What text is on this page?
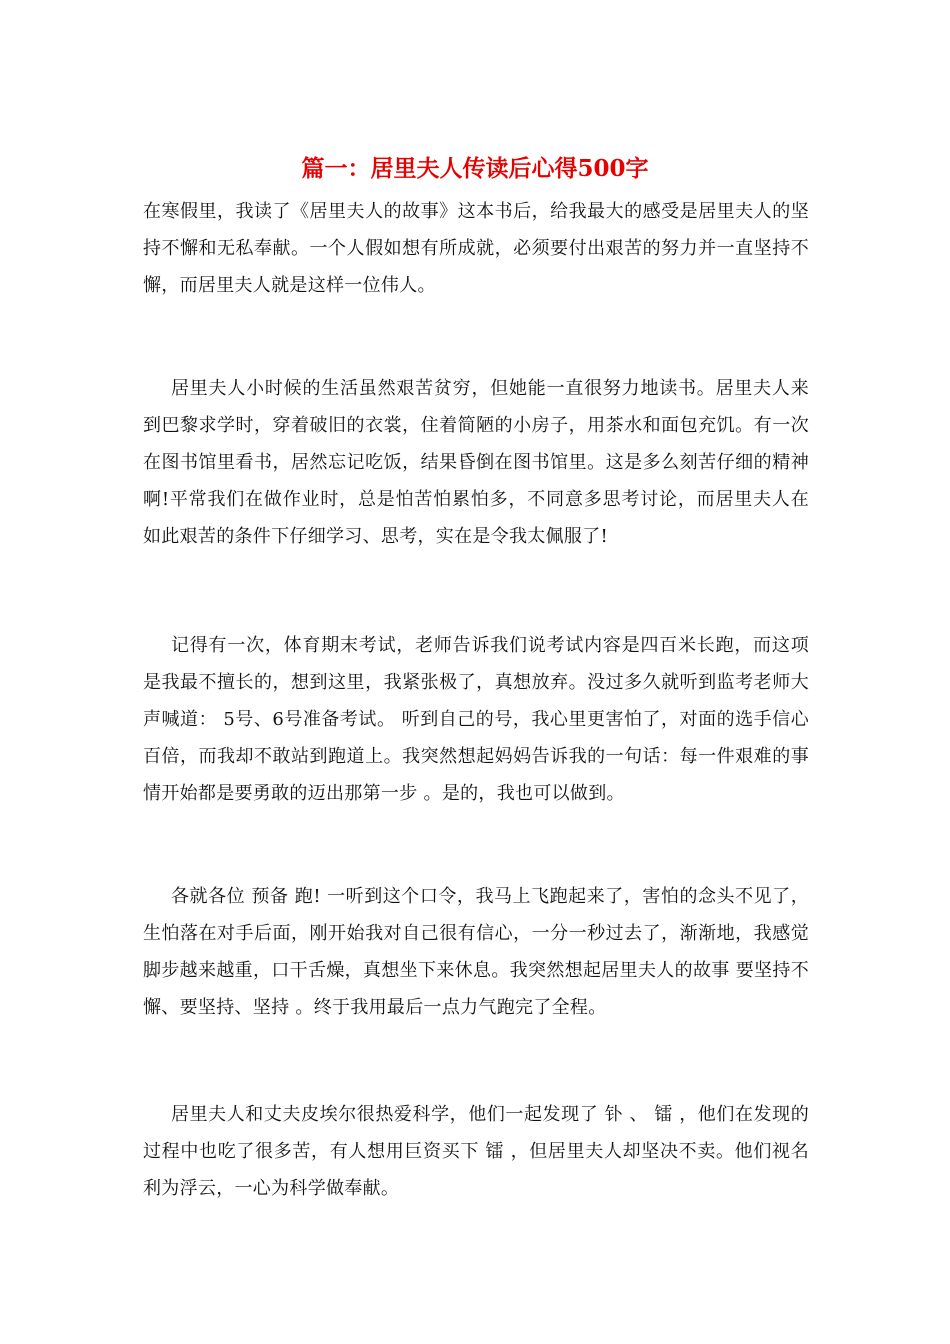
篇一：居里夫人传读后心得500字
在寒假里，我读了《居里夫人的故事》这本书后，给我最大的感受是居里夫人的坚持不懈和无私奉献。一个人假如想有所成就，必须要付出艰苦的努力并一直坚持不懈，而居里夫人就是这样一位伟人。
居里夫人小时候的生活虽然艰苦贫穷，但她能一直很努力地读书。居里夫人来到巴黎求学时，穿着破旧的衣裳，住着简陋的小房子，用茶水和面包充饥。有一次在图书馆里看书，居然忘记吃饭，结果昏倒在图书馆里。这是多么刻苦仔细的精神啊!平常我们在做作业时，总是怕苦怕累怕多，不同意多思考讨论，而居里夫人在如此艰苦的条件下仔细学习、思考，实在是令我太佩服了!
记得有一次，体育期末考试，老师告诉我们说考试内容是四百米长跑，而这项是我最不擅长的，想到这里，我紧张极了，真想放弃。没过多久就听到监考老师大声喊道： 5号、6号准备考试。 听到自己的号，我心里更害怕了，对面的选手信心百倍，而我却不敢站到跑道上。我突然想起妈妈告诉我的一句话：每一件艰难的事情开始都是要勇敢的迈出那第一步 。是的，我也可以做到。
各就各位 预备 跑! 一听到这个口令，我马上飞跑起来了，害怕的念头不见了，生怕落在对手后面，刚开始我对自己很有信心，一分一秒过去了，渐渐地，我感觉脚步越来越重，口干舌燥，真想坐下来休息。我突然想起居里夫人的故事 要坚持不懈、要坚持、坚持 。终于我用最后一点力气跑完了全程。
居里夫人和丈夫皮埃尔很热爱科学，他们一起发现了 钋 、 镭 ，他们在发现的过程中也吃了很多苦，有人想用巨资买下 镭 ，但居里夫人却坚决不卖。他们视名利为浮云，一心为科学做奉献。
